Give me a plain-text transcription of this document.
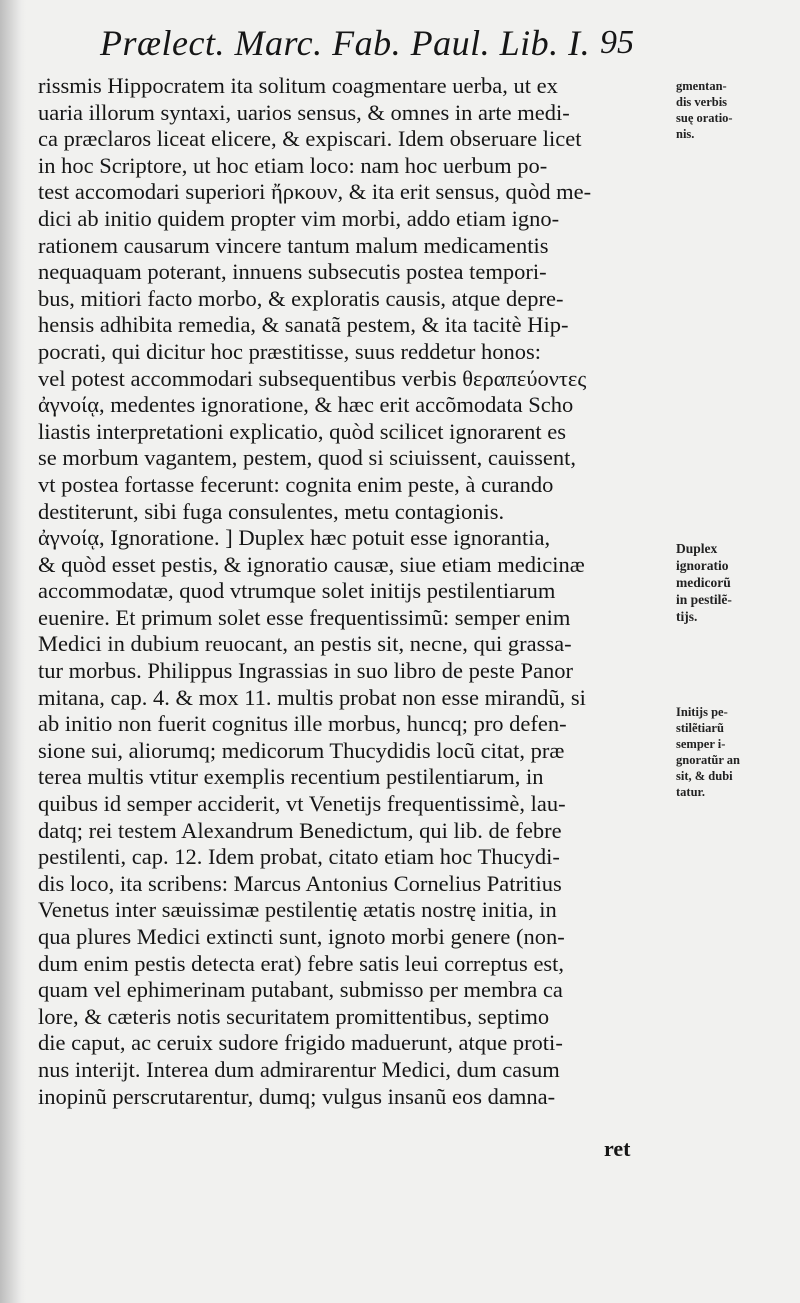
Prælect. Marc. Fab. Paul. Lib. I. 95
rissmis Hippocratem ita solitum coagmentare uerba, ut ex
uaria illorum syntaxi, uarios sensus, & omnes in arte medi-
ca præclaros liceat elicere, & expiscari. Idem obseruare licet
in hoc Scriptore, ut hoc etiam loco: nam hoc uerbum po-
test accomodari superiori ἤρκουν, & ita erit sensus, quòd me-
dici ab initio quidem propter vim morbi, addo etiam igno-
rationem causarum vincere tantum malum medicamentis
nequaquam poterant, innuens subsecutis postea tempori-
bus, mitiori facto morbo, & exploratis causis, atque depre-
hensis adhibita remedia, & sanatã pestem, & ita tacitè Hip-
pocrati, qui dicitur hoc præstitisse, suus reddetur honos:
vel potest accommodari subsequentibus verbis θεραπεύοντες
ἀγνοίᾳ, medentes ignoratione, & hæc erit accõmodata Scho
liastis interpretationi explicatio, quòd scilicet ignorarent es
se morbum vagantem, pestem, quod si sciuissent, cauissent,
vt postea fortasse fecerunt: cognita enim peste, à curando
destiterunt, sibi fuga consulentes, metu contagionis.
ἀγνοίᾳ, Ignoratione. ] Duplex hæc potuit esse ignorantia,
& quòd esset pestis, & ignoratio causæ, siue etiam medicinæ
accommodatæ, quod vtrumque solet initijs pestilentiarum
euenire. Et primum solet esse frequentissimũ: semper enim
Medici in dubium reuocant, an pestis sit, necne, qui grassa-
tur morbus. Philippus Ingrassias in suo libro de peste Panor
mitana, cap. 4. & mox 11. multis probat non esse mirandũ, si
ab initio non fuerit cognitus ille morbus, huncq; pro defen-
sione sui, aliorumq; medicorum Thucydidis locũ citat, præ
terea multis vtitur exemplis recentium pestilentiarum, in
quibus id semper acciderit, vt Venetijs frequentissimè, lau-
datq; rei testem Alexandrum Benedictum, qui lib. de febre
pestilenti, cap. 12. Idem probat, citato etiam hoc Thucydi-
dis loco, ita scribens: Marcus Antonius Cornelius Patritius
Venetus inter sæuissimæ pestilentię ætatis nostrę initia, in
qua plures Medici extincti sunt, ignoto morbi genere (non-
dum enim pestis detecta erat) febre satis leui correptus est,
quam vel ephimerinam putabant, submisso per membra ca
lore, & cæteris notis securitatem promittentibus, septimo
die caput, ac ceruix sudore frigido maduerunt, atque proti-
nus interijt. Interea dum admirarentur Medici, dum casum
inopinũ perscrutarentur, dumq; vulgus insanũ eos damna-
ret
gmentan-
dis verbis
suę oratio-
nis.
Duplex
ignoratio
medicorũ
in pestilẽ-
tijs.
Initijs pe-
stilẽtiarũ
semper i-
gnoratũr an
sit, & dubi
tatur.
